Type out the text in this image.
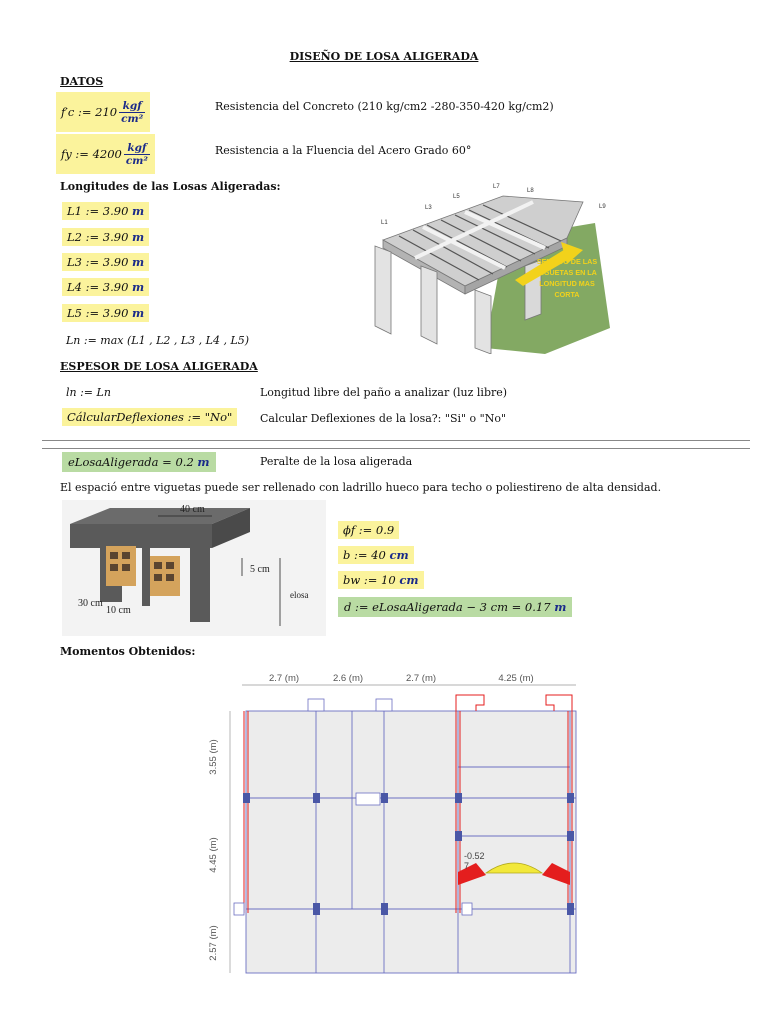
DISEÑO DE LOSA ALIGERADA
DATOS
f′c := $210 \frac{\text{kgf}}{\text{cm²}}$	Resistencia del Concreto (210 kg/cm2 -280-350-420 kg/cm2)
fy := $4200 \frac{\text{kgf}}{\text{cm²}}$	Resistencia a la Fluencia del Acero Grado 60°
Longitudes de las Losas Aligeradas:
L1 := 3.90 m
L2 := 3.90 m
L3 := 3.90 m
L4 := 3.90 m
L5 := 3.90 m
Ln := max (L1 , L2 , L3 , L4 , L5)
SENTIDO DE LAS
VIGUETAS EN LA
LONGITUD MAS
CORTA
L1
L3
L5
L7
L8
L9
ESPESOR DE LOSA ALIGERADA
ln := Ln	Longitud libre del paño a analizar (luz libre)
CálcularDeflexiones := "No"	Calcular Deflexiones de la losa?: "Si" o "No"
eLosaAligerada = 0.2 m	Peralte de la losa aligerada
El espació entre viguetas puede ser rellenado con ladrillo hueco para techo o poliestireno de alta densidad.
40 cm
5 cm
elosa
30 cm
10 cm
ϕf := 0.9
b := 40 cm
bw := 10 cm
d := eLosaAligerada − 3 cm = 0.17 m
Momentos Obtenidos:
2.7 (m)	2.6 (m)	2.7 (m)	4.25 (m)
3.55 (m)
4.45 (m)
2.57 (m)
-0.52
7
